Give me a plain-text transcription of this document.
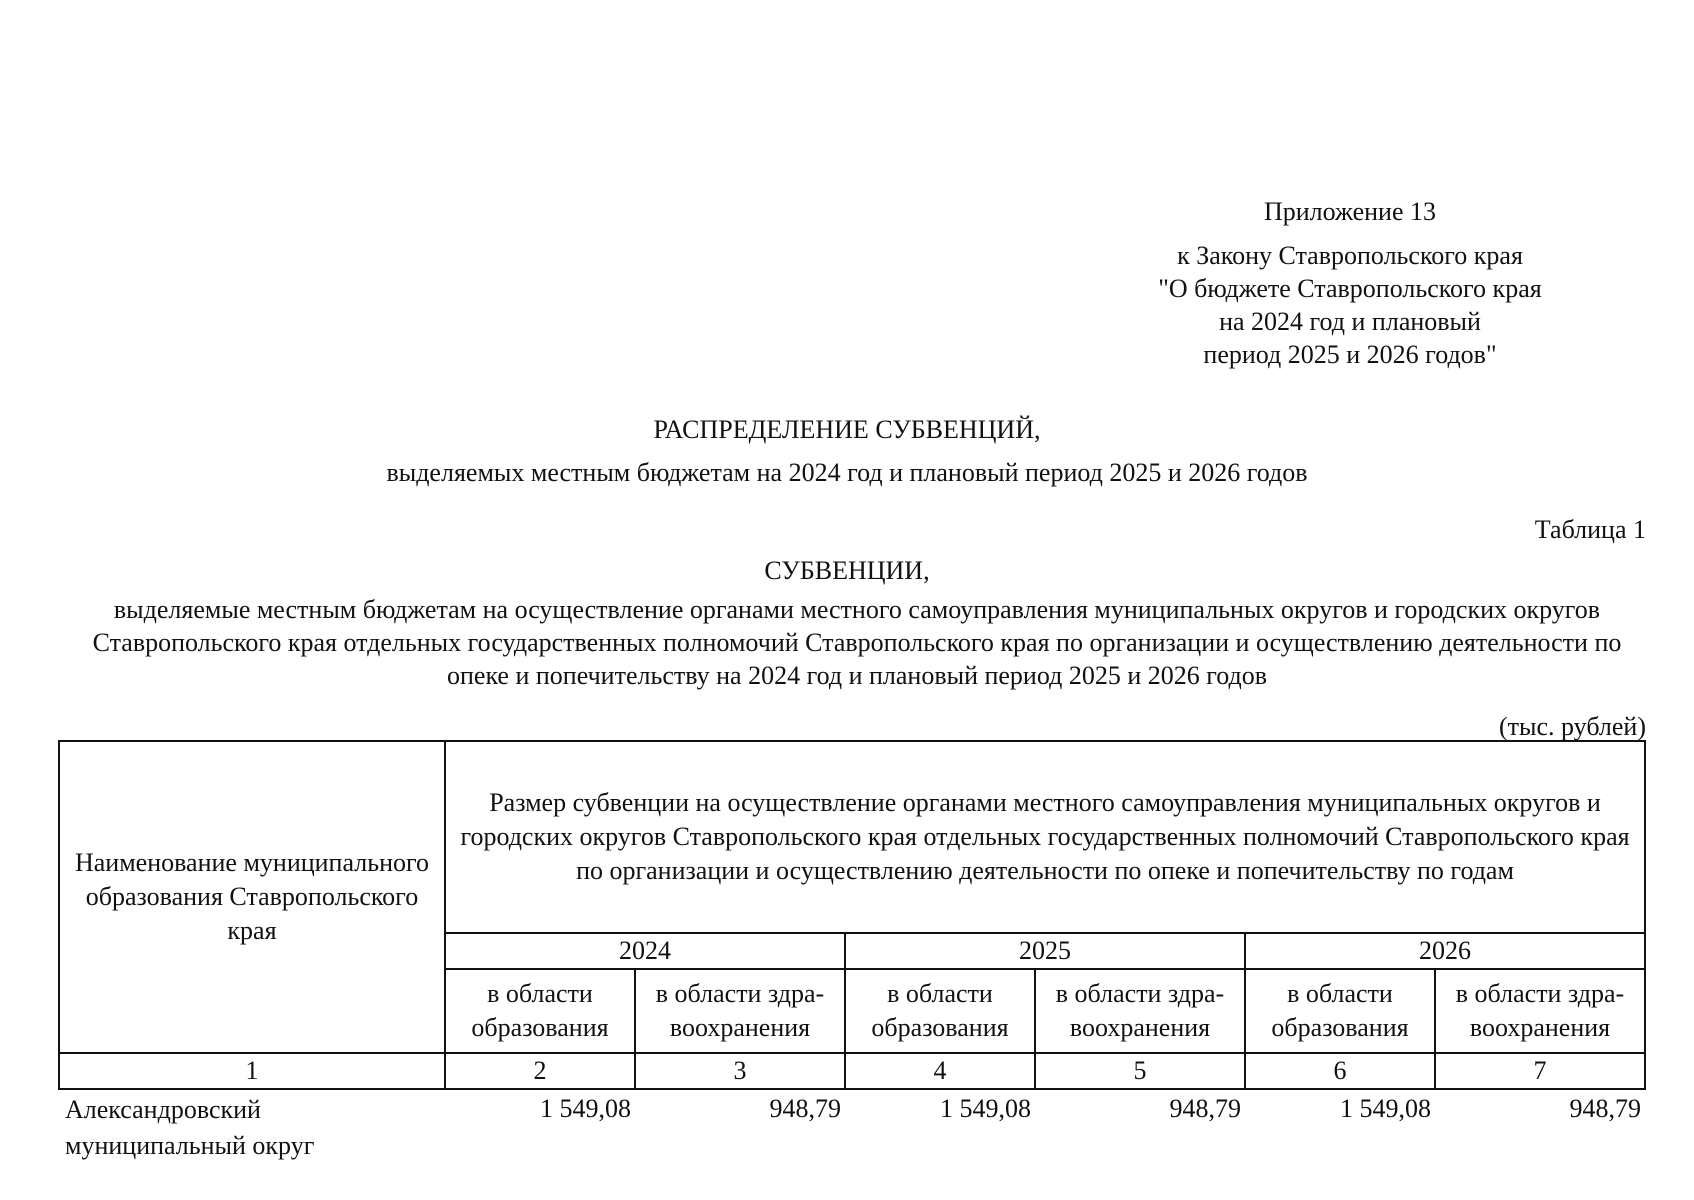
Приложение 13
к Закону Ставропольского края
"О бюджете Ставропольского края
на 2024 год и плановый
период 2025 и 2026 годов"
РАСПРЕДЕЛЕНИЕ СУБВЕНЦИЙ,
выделяемых местным бюджетам на 2024 год и плановый период 2025 и 2026 годов
Таблица 1
СУБВЕНЦИИ,
выделяемые местным бюджетам на осуществление органами местного самоуправления муниципальных округов и городских округов Ставропольского края отдельных государственных полномочий Ставропольского края по организации и осуществлению деятельности по опеке и попечительству на 2024 год и плановый период 2025 и 2026 годов
(тыс. рублей)
Наименование муниципального образования Ставропольского края	Размер субвенции на осуществление органами местного самоуправления муниципальных округов и городских округов Ставропольского края отдельных государственных полномочий Ставропольского края по организации и осуществлению деятельности по опеке и попечительству по годам					
	2024		2025		2026	
	в области образования	в области здра-воохранения	в области образования	в области здра-воохранения	в области образования	в области здра-воохранения
1	2	3	4	5	6	7
Александровский муниципальный округ	1 549,08	948,79	1 549,08	948,79	1 549,08	948,79
